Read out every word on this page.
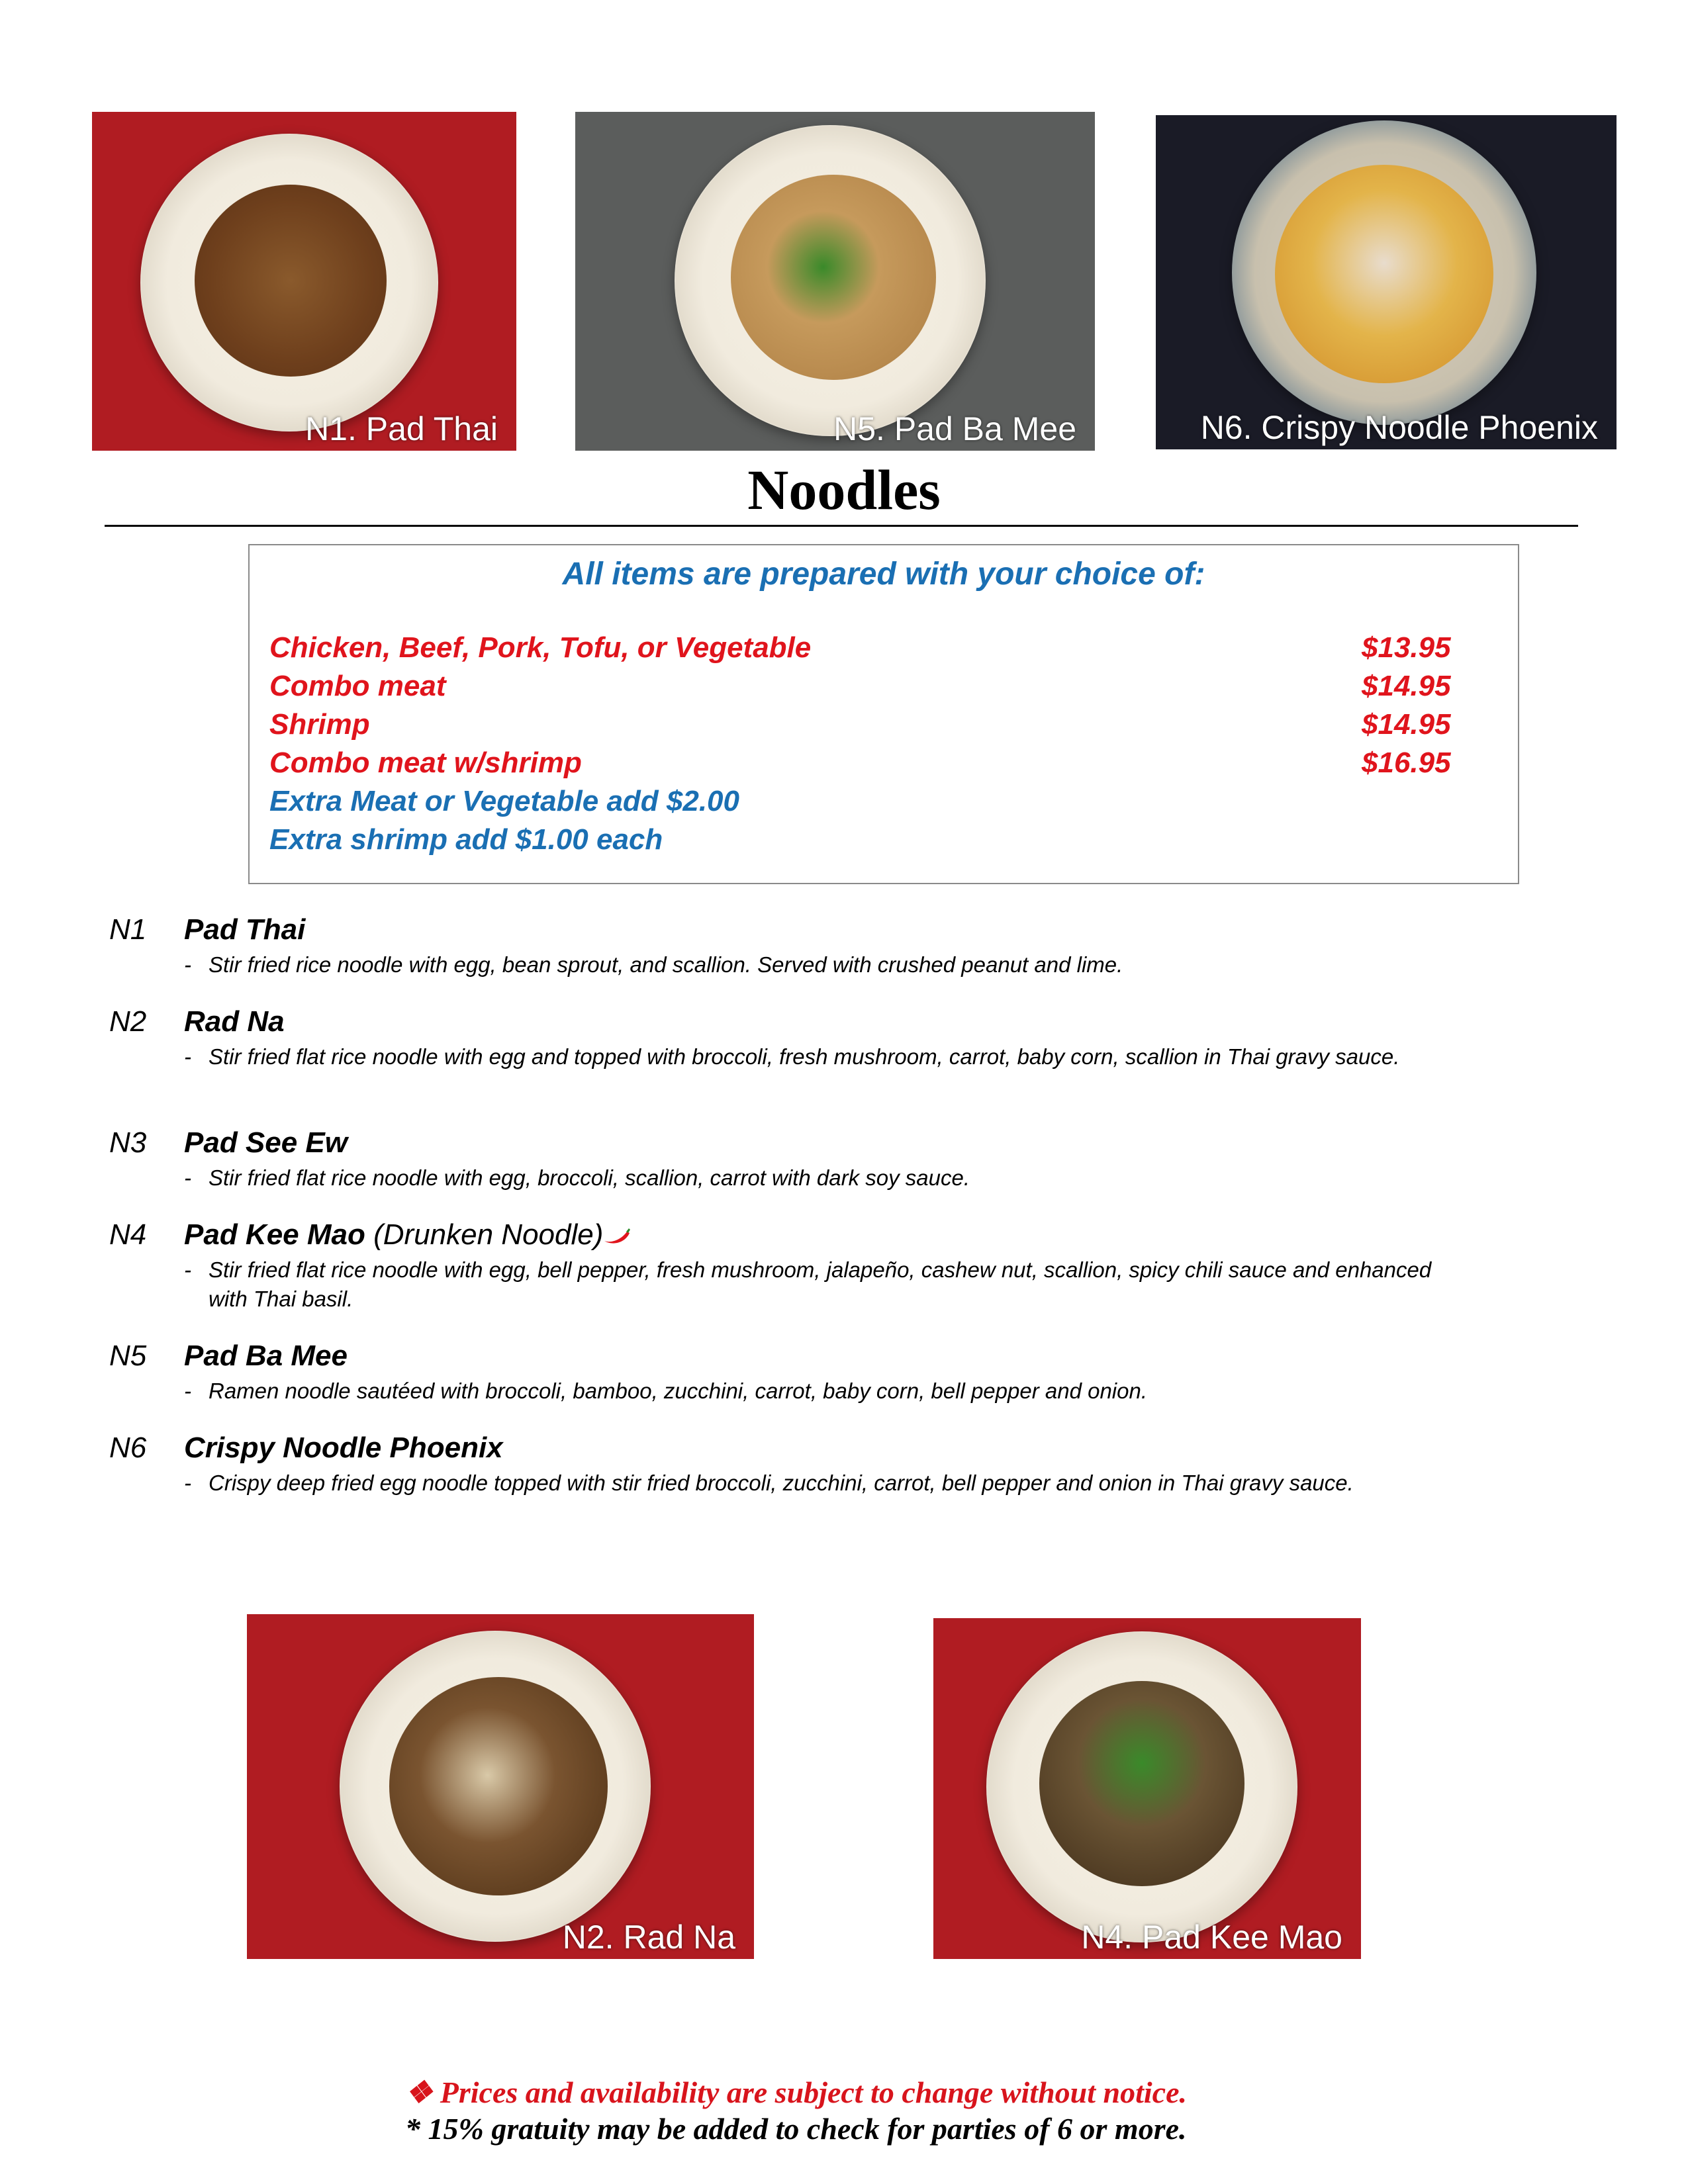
N1. Pad Thai	N5. Pad Ba Mee	N6. Crispy Noodle Phoenix
Noodles
All items are prepared with your choice of:
Chicken, Beef, Pork, Tofu, or Vegetable	$13.95
Combo meat	$14.95
Shrimp	$14.95
Combo meat w/shrimp	$16.95
Extra Meat or Vegetable add $2.00
Extra shrimp add $1.00 each
N1 Pad Thai
- Stir fried rice noodle with egg, bean sprout, and scallion. Served with crushed peanut and lime.
N2 Rad Na
- Stir fried flat rice noodle with egg and topped with broccoli, fresh mushroom, carrot, baby corn, scallion in Thai gravy sauce.
N3 Pad See Ew
- Stir fried flat rice noodle with egg, broccoli, scallion, carrot with dark soy sauce.
N4 Pad Kee Mao (Drunken Noodle)
- Stir fried flat rice noodle with egg, bell pepper, fresh mushroom, jalapeño, cashew nut, scallion, spicy chili sauce and enhanced with Thai basil.
N5 Pad Ba Mee
- Ramen noodle sautéed with broccoli, bamboo, zucchini, carrot, baby corn, bell pepper and onion.
N6 Crispy Noodle Phoenix
- Crispy deep fried egg noodle topped with stir fried broccoli, zucchini, carrot, bell pepper and onion in Thai gravy sauce.
N2. Rad Na	N4. Pad Kee Mao
❖ Prices and availability are subject to change without notice.
* 15% gratuity may be added to check for parties of 6 or more.
